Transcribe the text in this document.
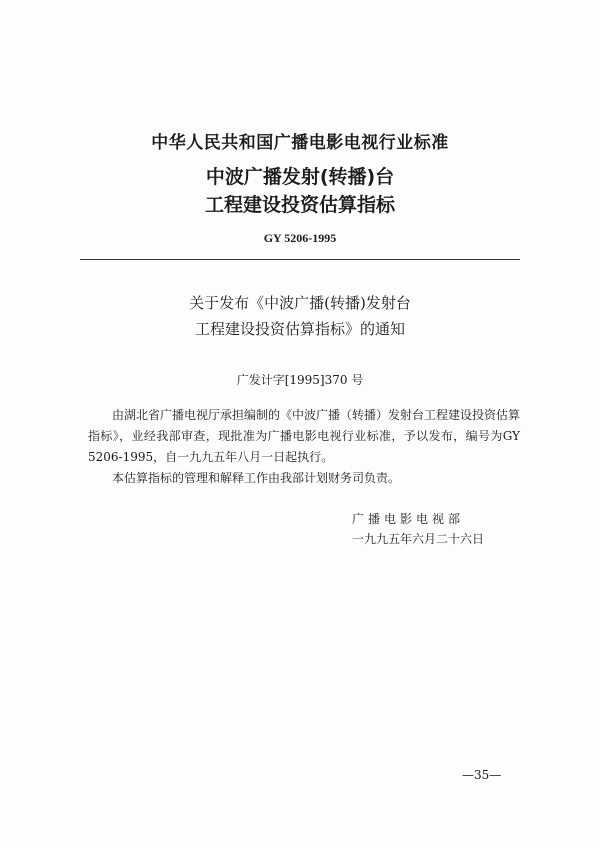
中华人民共和国广播电影电视行业标准
中波广播发射(转播)台
工程建设投资估算指标
GY 5206-1995
关于发布《中波广播(转播)发射台
工程建设投资估算指标》的通知
广发计字[1995]370 号
由湖北省广播电视厅承担编制的《中波广播（转播）发射台工程建设投资估算指标》，业经我部审查，现批准为广播电影电视行业标准，予以发布，编号为GY 5206-1995，自一九九五年八月一日起执行。
本估算指标的管理和解释工作由我部计划财务司负责。
广播电影电视部
一九九五年六月二十六日
—35—
